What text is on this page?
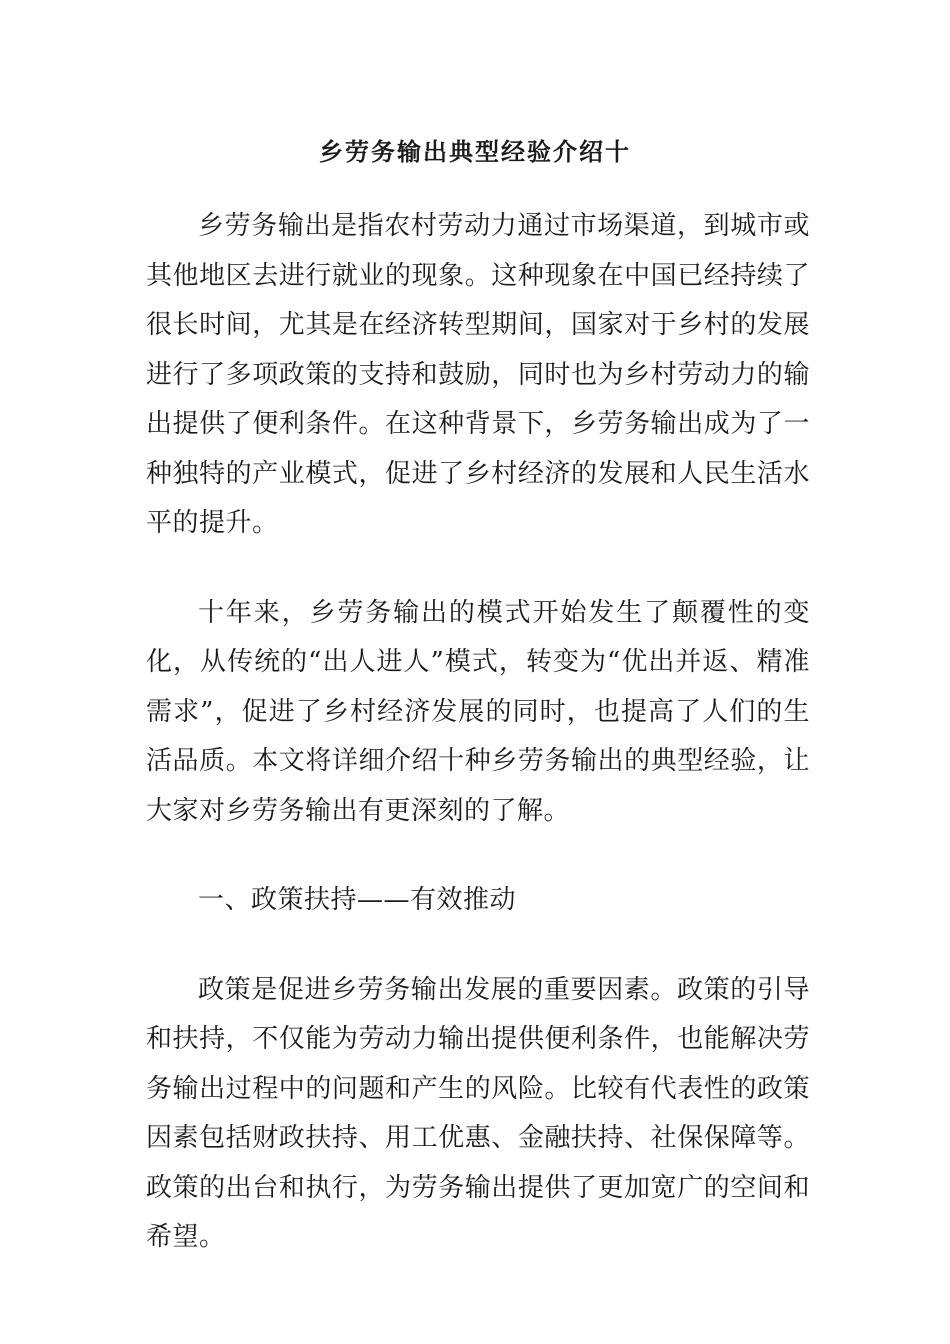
乡劳务输出典型经验介绍十

乡劳务输出是指农村劳动力通过市场渠道，到城市或其他地区去进行就业的现象。这种现象在中国已经持续了很长时间，尤其是在经济转型期间，国家对于乡村的发展进行了多项政策的支持和鼓励，同时也为乡村劳动力的输出提供了便利条件。在这种背景下，乡劳务输出成为了一种独特的产业模式，促进了乡村经济的发展和人民生活水平的提升。

十年来，乡劳务输出的模式开始发生了颠覆性的变化，从传统的“出人进人”模式，转变为“优出并返、精准需求”，促进了乡村经济发展的同时，也提高了人们的生活品质。本文将详细介绍十种乡劳务输出的典型经验，让大家对乡劳务输出有更深刻的了解。

一、政策扶持——有效推动

政策是促进乡劳务输出发展的重要因素。政策的引导和扶持，不仅能为劳动力输出提供便利条件，也能解决劳务输出过程中的问题和产生的风险。比较有代表性的政策因素包括财政扶持、用工优惠、金融扶持、社保保障等。政策的出台和执行，为劳务输出提供了更加宽广的空间和希望。
